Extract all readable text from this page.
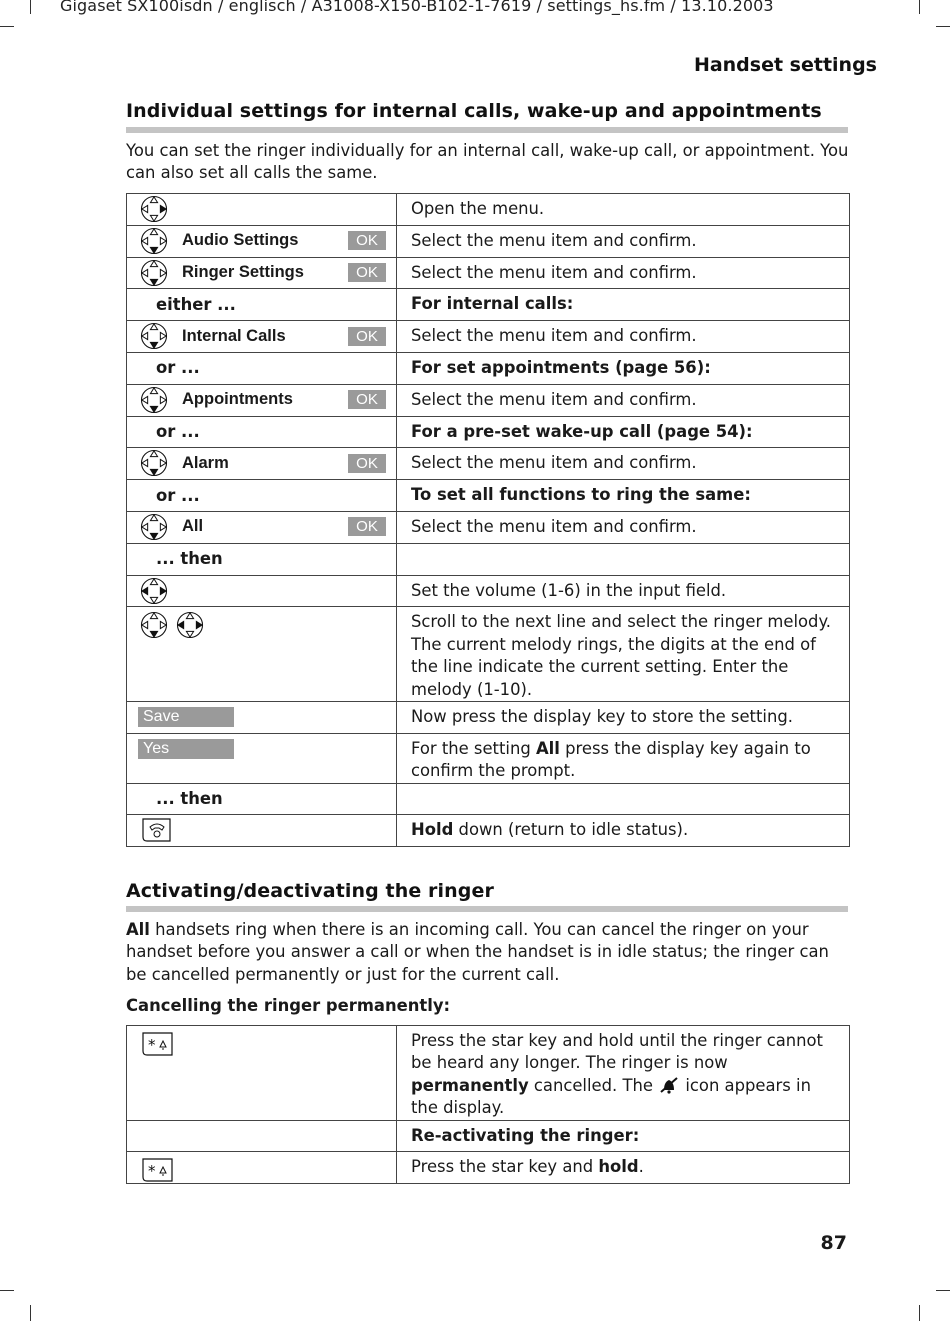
Gigaset SX100isdn / englisch / A31008-X150-B102-1-7619 / settings_hs.fm / 13.10.2003
Handset settings
Individual settings for internal calls, wake-up and appointments

You can set the ringer individually for an internal call, wake-up call, or appointment. You can also set all calls the same.

	Open the menu.

Audio Settings OK	Select the menu item and confirm.

Ringer Settings OK	Select the menu item and confirm.

either ...	For internal calls:

Internal Calls OK	Select the menu item and confirm.

or ...	For set appointments (page 56):

Appointments OK	Select the menu item and confirm.

or ...	For a pre-set wake-up call (page 54):

Alarm OK	Select the menu item and confirm.

or ...	To set all functions to ring the same:

All OK	Select the menu item and confirm.

... then	

	Set the volume (1-6) in the input field.

	Scroll to the next line and select the ringer melody. The current melody rings, the digits at the end of the line indicate the current setting. Enter the melody (1-10).

Save	Now press the display key to store the setting.

Yes	For the setting All press the display key again to confirm the prompt.

... then	

	Hold down (return to idle status).
Activating/deactivating the ringer

All handsets ring when there is an incoming call. You can cancel the ringer on your handset before you answer a call or when the handset is in idle status; the ringer can be cancelled permanently or just for the current call.

Cancelling the ringer permanently:
*	Press the star key and hold until the ringer cannot be heard any longer. The ringer is now permanently cancelled. The  icon appears in the display.
	Re-activating the ringer:

*	Press the star key and hold.
87
